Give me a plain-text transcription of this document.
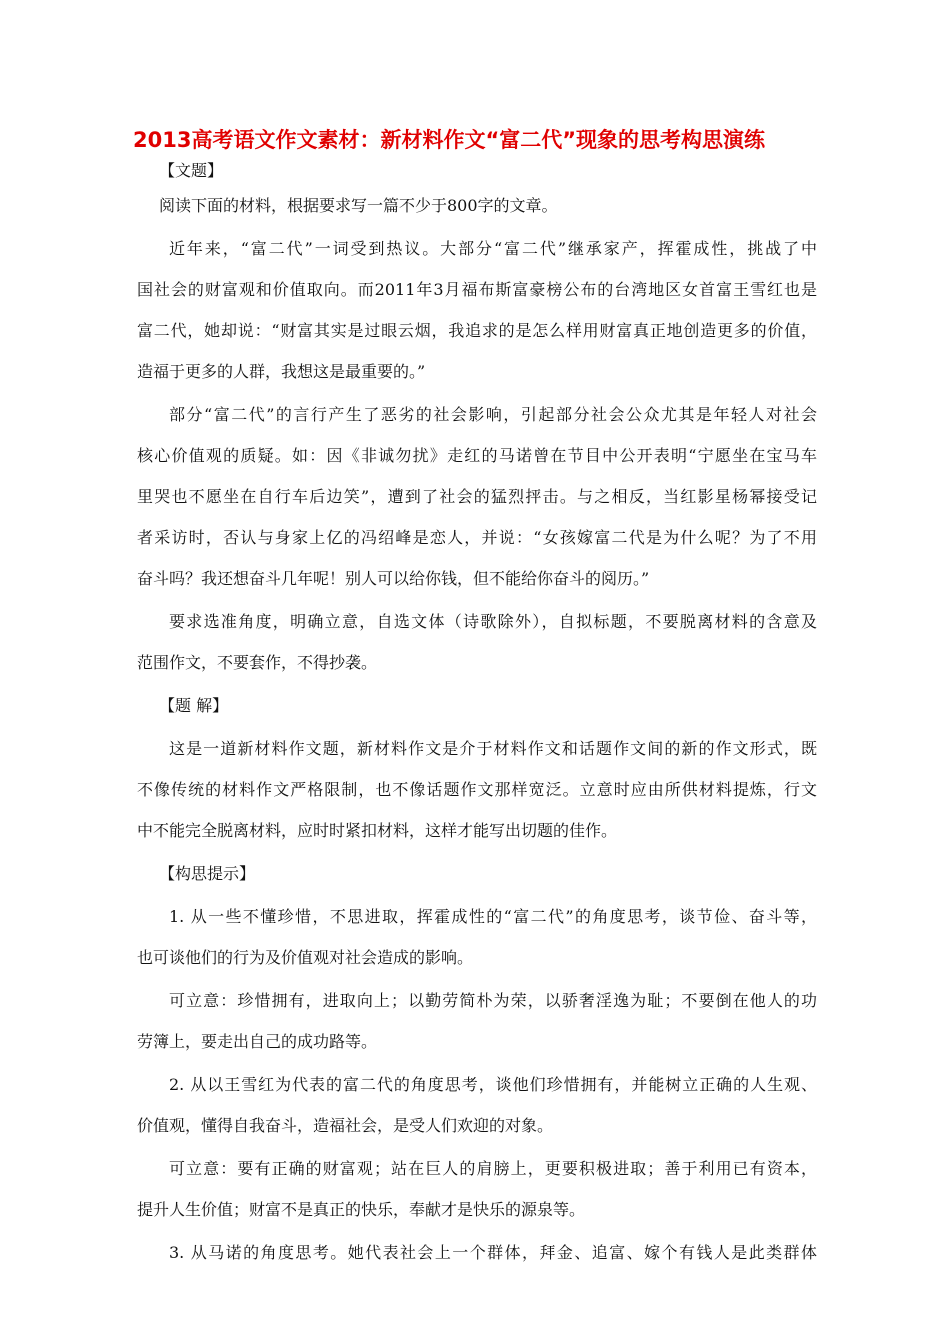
2013高考语文作文素材：新材料作文“富二代”现象的思考构思演练
【文题】
阅读下面的材料，根据要求写一篇不少于800字的文章。
近年来，“富二代”一词受到热议。大部分“富二代”继承家产，挥霍成性，挑战了中
国社会的财富观和价值取向。而2011年3月福布斯富豪榜公布的台湾地区女首富王雪红也是
富二代，她却说：“财富其实是过眼云烟，我追求的是怎么样用财富真正地创造更多的价值，
造福于更多的人群，我想这是最重要的。”
部分“富二代”的言行产生了恶劣的社会影响，引起部分社会公众尤其是年轻人对社会
核心价值观的质疑。如：因《非诚勿扰》走红的马诺曾在节目中公开表明“宁愿坐在宝马车
里哭也不愿坐在自行车后边笑”，遭到了社会的猛烈抨击。与之相反，当红影星杨幂接受记
者采访时，否认与身家上亿的冯绍峰是恋人，并说：“女孩嫁富二代是为什么呢？为了不用
奋斗吗？我还想奋斗几年呢！别人可以给你钱，但不能给你奋斗的阅历。”
要求选准角度，明确立意，自选文体（诗歌除外），自拟标题，不要脱离材料的含意及
范围作文，不要套作，不得抄袭。
【题 解】
这是一道新材料作文题，新材料作文是介于材料作文和话题作文间的新的作文形式，既
不像传统的材料作文严格限制，也不像话题作文那样宽泛。立意时应由所供材料提炼，行文
中不能完全脱离材料，应时时紧扣材料，这样才能写出切题的佳作。
【构思提示】
1. 从一些不懂珍惜，不思进取，挥霍成性的“富二代”的角度思考，谈节俭、奋斗等，
也可谈他们的行为及价值观对社会造成的影响。
可立意：珍惜拥有，进取向上；以勤劳简朴为荣，以骄奢淫逸为耻；不要倒在他人的功
劳簿上，要走出自己的成功路等。
2. 从以王雪红为代表的富二代的角度思考，谈他们珍惜拥有，并能树立正确的人生观、
价值观，懂得自我奋斗，造福社会，是受人们欢迎的对象。
可立意：要有正确的财富观；站在巨人的肩膀上，更要积极进取；善于利用已有资本，
提升人生价值；财富不是真正的快乐，奉献才是快乐的源泉等。
3. 从马诺的角度思考。她代表社会上一个群体，拜金、追富、嫁个有钱人是此类群体
